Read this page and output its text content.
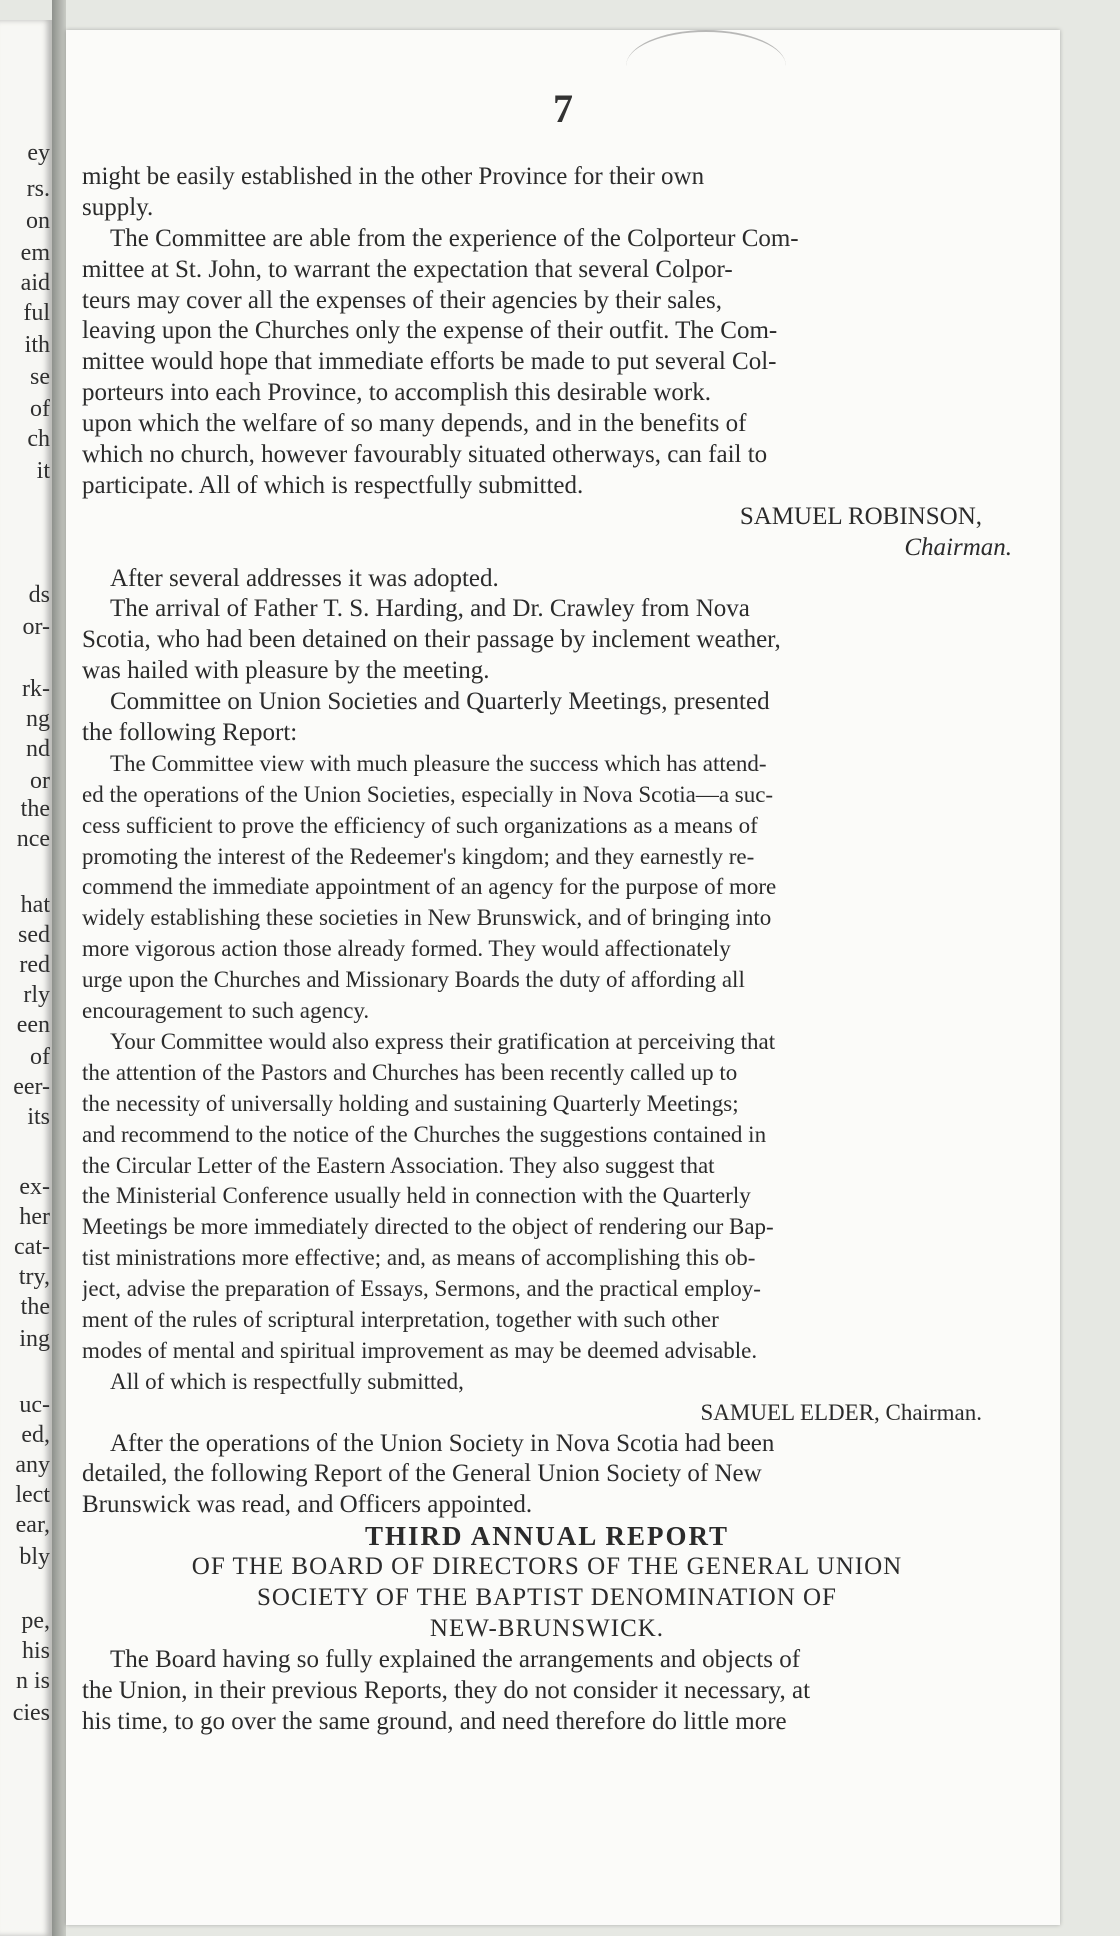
ey
rs.
on
em
aid
ful
ith
se
of
ch
it
ds
or-
rk-
ng
nd
or
the
nce
hat
sed
red
rly
een
of
eer-
its
ex-
her
cat-
try,
the
ing
uc-
ed,
any
lect
ear,
bly
pe,
his
n is
cies
7
might be easily established in the other Province for their own
supply.
The Committee are able from the experience of the Colporteur Com-
mittee at St. John, to warrant the expectation that several Colpor-
teurs may cover all the expenses of their agencies by their sales,
leaving upon the Churches only the expense of their outfit. The Com-
mittee would hope that immediate efforts be made to put several Col-
porteurs into each Province, to accomplish this desirable work.
upon which the welfare of so many depends, and in the benefits of
which no church, however favourably situated otherways, can fail to
participate. All of which is respectfully submitted.
SAMUEL ROBINSON,
Chairman.
After several addresses it was adopted.
The arrival of Father T. S. Harding, and Dr. Crawley from Nova
Scotia, who had been detained on their passage by inclement weather,
was hailed with pleasure by the meeting.
Committee on Union Societies and Quarterly Meetings, presented
the following Report:
The Committee view with much pleasure the success which has attend-
ed the operations of the Union Societies, especially in Nova Scotia—a suc-
cess sufficient to prove the efficiency of such organizations as a means of
promoting the interest of the Redeemer's kingdom; and they earnestly re-
commend the immediate appointment of an agency for the purpose of more
widely establishing these societies in New Brunswick, and of bringing into
more vigorous action those already formed. They would affectionately
urge upon the Churches and Missionary Boards the duty of affording all
encouragement to such agency.
Your Committee would also express their gratification at perceiving that
the attention of the Pastors and Churches has been recently called up to
the necessity of universally holding and sustaining Quarterly Meetings;
and recommend to the notice of the Churches the suggestions contained in
the Circular Letter of the Eastern Association. They also suggest that
the Ministerial Conference usually held in connection with the Quarterly
Meetings be more immediately directed to the object of rendering our Bap-
tist ministrations more effective; and, as means of accomplishing this ob-
ject, advise the preparation of Essays, Sermons, and the practical employ-
ment of the rules of scriptural interpretation, together with such other
modes of mental and spiritual improvement as may be deemed advisable.
All of which is respectfully submitted,
SAMUEL ELDER, Chairman.
After the operations of the Union Society in Nova Scotia had been
detailed, the following Report of the General Union Society of New
Brunswick was read, and Officers appointed.
THIRD ANNUAL REPORT
OF THE BOARD OF DIRECTORS OF THE GENERAL UNION
SOCIETY OF THE BAPTIST DENOMINATION OF
NEW-BRUNSWICK.
The Board having so fully explained the arrangements and objects of
the Union, in their previous Reports, they do not consider it necessary, at
his time, to go over the same ground, and need therefore do little more
